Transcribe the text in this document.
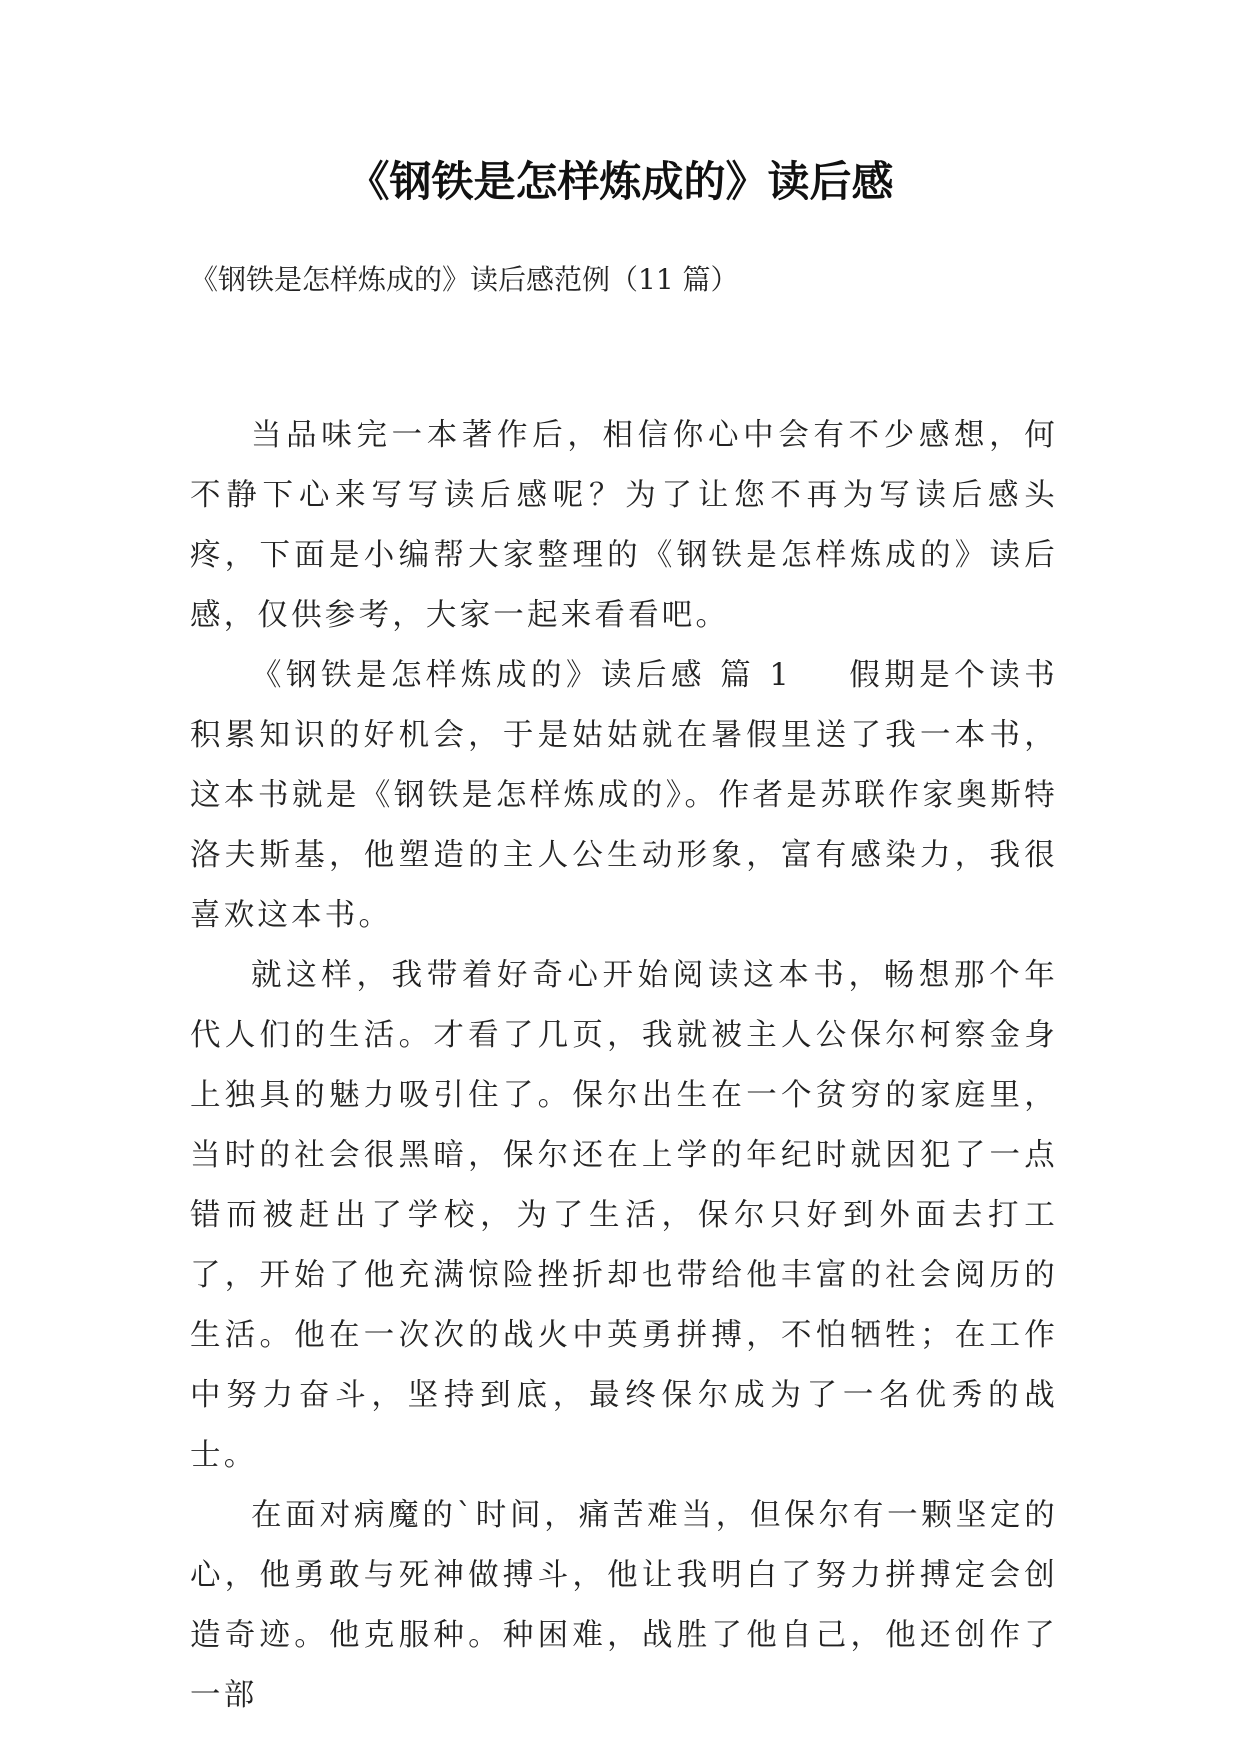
《钢铁是怎样炼成的》读后感

《钢铁是怎样炼成的》读后感范例（11 篇）

当品味完一本著作后，相信你心中会有不少感想，何不静下心来写写读后感呢？为了让您不再为写读后感头疼，下面是小编帮大家整理的《钢铁是怎样炼成的》读后感，仅供参考，大家一起来看看吧。

《钢铁是怎样炼成的》读后感 篇 1 假期是个读书积累知识的好机会，于是姑姑就在暑假里送了我一本书，这本书就是《钢铁是怎样炼成的》。作者是苏联作家奥斯特洛夫斯基，他塑造的主人公生动形象，富有感染力，我很喜欢这本书。

就这样，我带着好奇心开始阅读这本书，畅想那个年代人们的生活。才看了几页，我就被主人公保尔柯察金身上独具的魅力吸引住了。保尔出生在一个贫穷的家庭里，当时的社会很黑暗，保尔还在上学的年纪时就因犯了一点错而被赶出了学校，为了生活，保尔只好到外面去打工了，开始了他充满惊险挫折却也带给他丰富的社会阅历的生活。他在一次次的战火中英勇拼搏，不怕牺牲；在工作中努力奋斗，坚持到底，最终保尔成为了一名优秀的战士。

在面对病魔的`时间，痛苦难当，但保尔有一颗坚定的心，他勇敢与死神做搏斗，他让我明白了努力拼搏定会创造奇迹。他克服种。种困难，战胜了他自己，他还创作了一部
